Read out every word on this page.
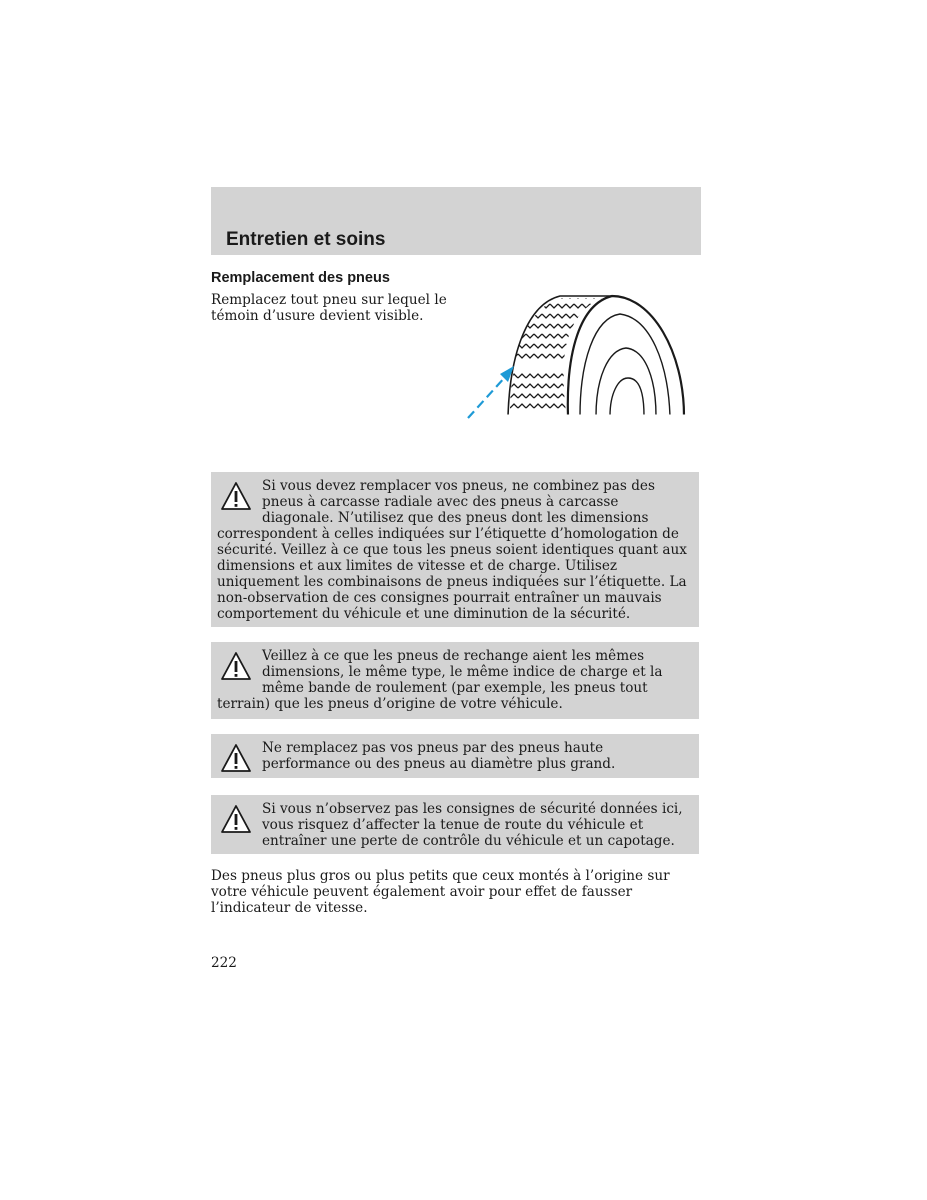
Entretien et soins
Remplacement des pneus

Remplacez tout pneu sur lequel le témoin d’usure devient visible.

Si vous devez remplacer vos pneus, ne combinez pas des pneus à carcasse radiale avec des pneus à carcasse diagonale. N’utilisez que des pneus dont les dimensions correspondent à celles indiquées sur l’étiquette d’homologation de sécurité. Veillez à ce que tous les pneus soient identiques quant aux dimensions et aux limites de vitesse et de charge. Utilisez uniquement les combinaisons de pneus indiquées sur l’étiquette. La non-observation de ces consignes pourrait entraîner un mauvais comportement du véhicule et une diminution de la sécurité.

Veillez à ce que les pneus de rechange aient les mêmes dimensions, le même type, le même indice de charge et la même bande de roulement (par exemple, les pneus tout terrain) que les pneus d’origine de votre véhicule.

Ne remplacez pas vos pneus par des pneus haute performance ou des pneus au diamètre plus grand.

Si vous n’observez pas les consignes de sécurité données ici, vous risquez d’affecter la tenue de route du véhicule et entraîner une perte de contrôle du véhicule et un capotage.

Des pneus plus gros ou plus petits que ceux montés à l’origine sur votre véhicule peuvent également avoir pour effet de fausser l’indicateur de vitesse.

222
